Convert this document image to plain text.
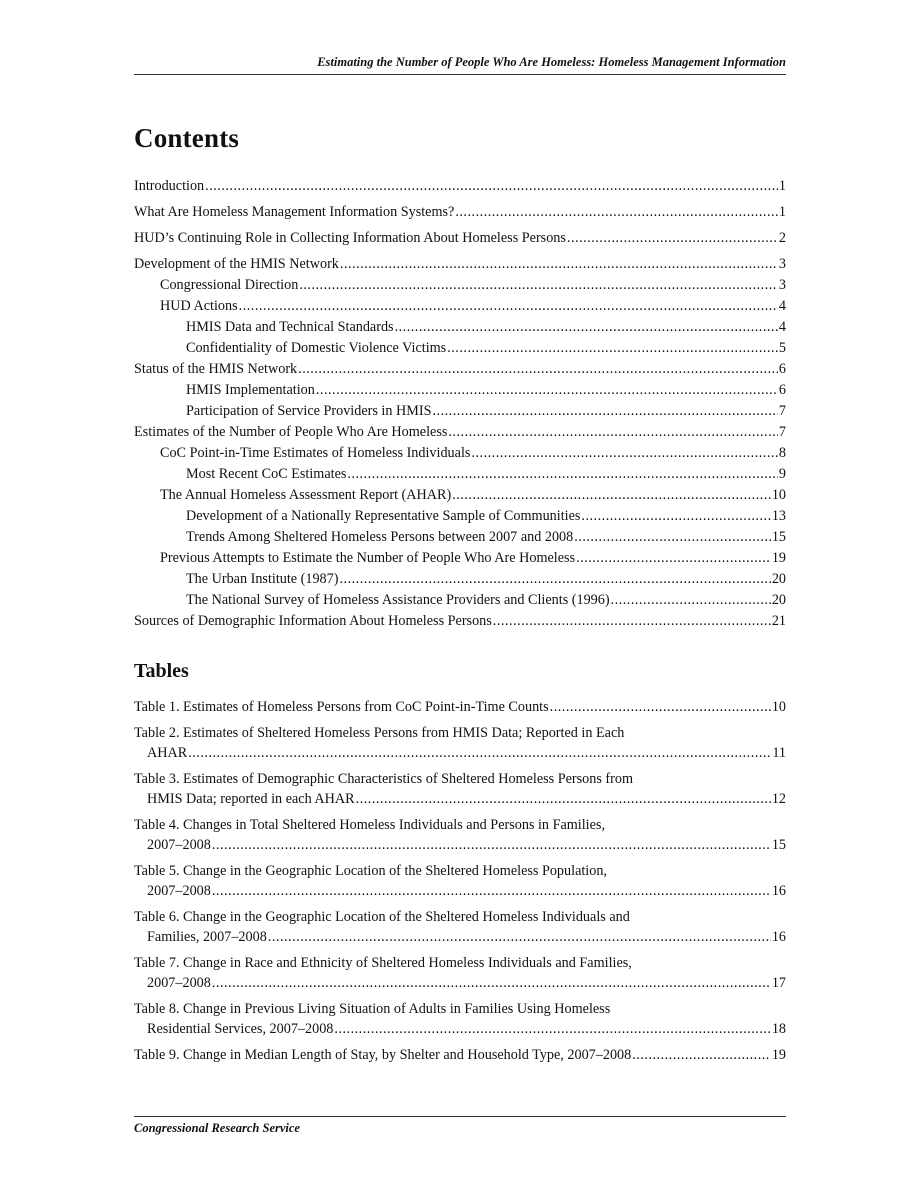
Estimating the Number of People Who Are Homeless: Homeless Management Information
Contents
Introduction .....	1
What Are Homeless Management Information Systems? .....	1
HUD’s Continuing Role in Collecting Information About Homeless Persons .....	2
Development of the HMIS Network .....	3
Congressional Direction .....	3
HUD Actions .....	4
HMIS Data and Technical Standards .....	4
Confidentiality of Domestic Violence Victims .....	5
Status of the HMIS Network .....	6
HMIS Implementation .....	6
Participation of Service Providers in HMIS .....	7
Estimates of the Number of People Who Are Homeless .....	7
CoC Point-in-Time Estimates of Homeless Individuals .....	8
Most Recent CoC Estimates .....	9
The Annual Homeless Assessment Report (AHAR) .....	10
Development of a Nationally Representative Sample of Communities .....	13
Trends Among Sheltered Homeless Persons between 2007 and 2008 .....	15
Previous Attempts to Estimate the Number of People Who Are Homeless .....	19
The Urban Institute (1987) .....	20
The National Survey of Homeless Assistance Providers and Clients (1996) .....	20
Sources of Demographic Information About Homeless Persons .....	21
Tables
Table 1. Estimates of Homeless Persons from CoC Point-in-Time Counts .....	10
Table 2. Estimates of Sheltered Homeless Persons from HMIS Data; Reported in Each
AHAR .....	11
Table 3. Estimates of Demographic Characteristics of Sheltered Homeless Persons from
HMIS Data; reported in each AHAR .....	12
Table 4. Changes in Total Sheltered Homeless Individuals and Persons in Families,
2007–2008 .....	15
Table 5. Change in the Geographic Location of the Sheltered Homeless Population,
2007–2008 .....	16
Table 6. Change in the Geographic Location of the Sheltered Homeless Individuals and
Families, 2007–2008 .....	16
Table 7. Change in Race and Ethnicity of Sheltered Homeless Individuals and Families,
2007–2008 .....	17
Table 8. Change in Previous Living Situation of Adults in Families Using Homeless
Residential Services, 2007–2008 .....	18
Table 9. Change in Median Length of Stay, by Shelter and Household Type, 2007–2008 .....	19
Congressional Research Service
